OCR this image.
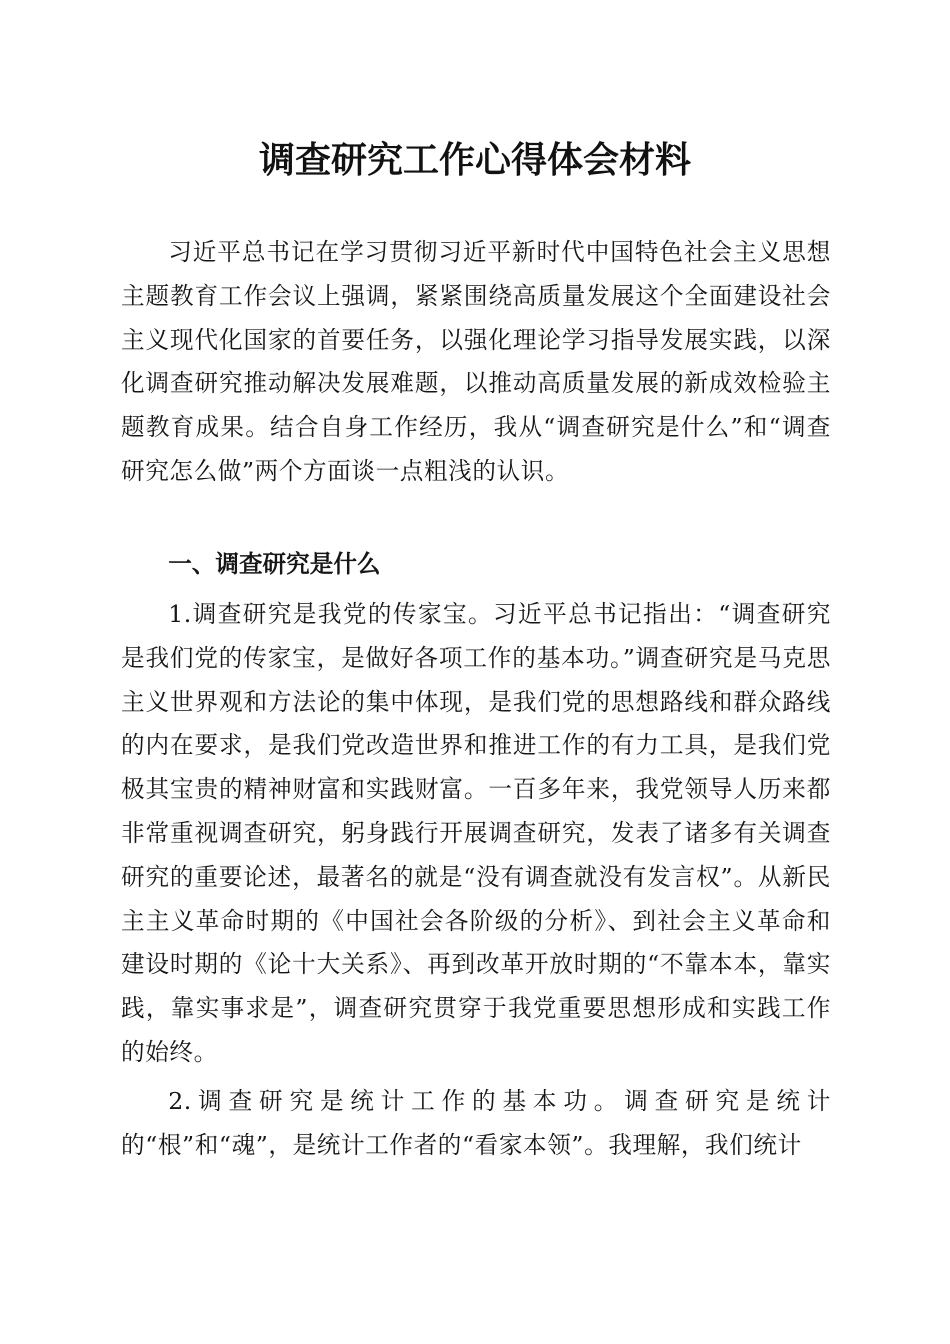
调查研究工作心得体会材料

习近平总书记在学习贯彻习近平新时代中国特色社会主义思想主题教育工作会议上强调，紧紧围绕高质量发展这个全面建设社会主义现代化国家的首要任务，以强化理论学习指导发展实践，以深化调查研究推动解决发展难题，以推动高质量发展的新成效检验主题教育成果。结合自身工作经历，我从“调查研究是什么”和“调查研究怎么做”两个方面谈一点粗浅的认识。

一、调查研究是什么

1.调查研究是我党的传家宝。习近平总书记指出：“调查研究是我们党的传家宝，是做好各项工作的基本功。”调查研究是马克思主义世界观和方法论的集中体现，是我们党的思想路线和群众路线的内在要求，是我们党改造世界和推进工作的有力工具，是我们党极其宝贵的精神财富和实践财富。一百多年来，我党领导人历来都非常重视调查研究，躬身践行开展调查研究，发表了诸多有关调查研究的重要论述，最著名的就是“没有调查就没有发言权”。从新民主主义革命时期的《中国社会各阶级的分析》、到社会主义革命和建设时期的《论十大关系》、再到改革开放时期的“不靠本本，靠实践，靠实事求是”，调查研究贯穿于我党重要思想形成和实践工作的始终。

2.调查研究是统计工作的基本功。调查研究是统计的“根”和“魂”，是统计工作者的“看家本领”。我理解，我们统计
